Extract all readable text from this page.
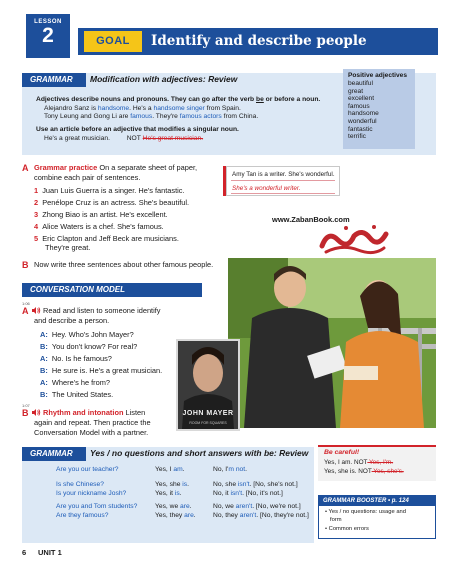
LESSON
2	GOAL	Identify and describe people
GRAMMAR	Modification with adjectives: Review
Adjectives describe nouns and pronouns. They can go after the verb be or before a noun.
Alejandro Sanz is handsome. He's a handsome singer from Spain.
Tony Leung and Gong Li are famous. They're famous actors from China.
Use an article before an adjective that modifies a singular noun.
He's a great musician. NOT He's great musician.
Positive adjectives
beautiful
great
excellent
famous
handsome
wonderful
fantastic
terrific
A Grammar practice On a separate sheet of paper,
combine each pair of sentences.
1 Juan Luis Guerra is a singer. He's fantastic.
2 Penélope Cruz is an actress. She's beautiful.
3 Zhong Biao is an artist. He's excellent.
4 Alice Waters is a chef. She's famous.
5 Eric Clapton and Jeff Beck are musicians.
They're great.
Amy Tan is a writer. She's wonderful.
She's a wonderful writer.
B Now write three sentences about other famous people.
www.ZabanBook.com
JOHN MAYER
ROOM FOR SQUARES
CONVERSATION MODEL
1:06
A Read and listen to someone identify
and describe a person.
A: Hey. Who's John Mayer?
B: You don't know? For real?
A: No. Is he famous?
B: He sure is. He's a great musician.
A: Where's he from?
B: The United States.
1:07
B Rhythm and intonation Listen
again and repeat. Then practice the
Conversation Model with a partner.
GRAMMAR	Yes / no questions and short answers with be: Review
Are you our teacher?	Yes, I am.	No, I'm not.
Is she Chinese?	Yes, she is.	No, she isn't. [No, she's not.]
Is your nickname Josh?	Yes, it is.	No, it isn't. [No, it's not.]
Are you and Tom students?	Yes, we are.	No, we aren't. [No, we're not.]
Are they famous?	Yes, they are.	No, they aren't. [No, they're not.]
Be careful!
Yes, I am. NOT Yes, I'm.
Yes, she is. NOT Yes, she's.
GRAMMAR BOOSTER • p. 124
• Yes / no questions: usage and
form
• Common errors
6 UNIT 1
